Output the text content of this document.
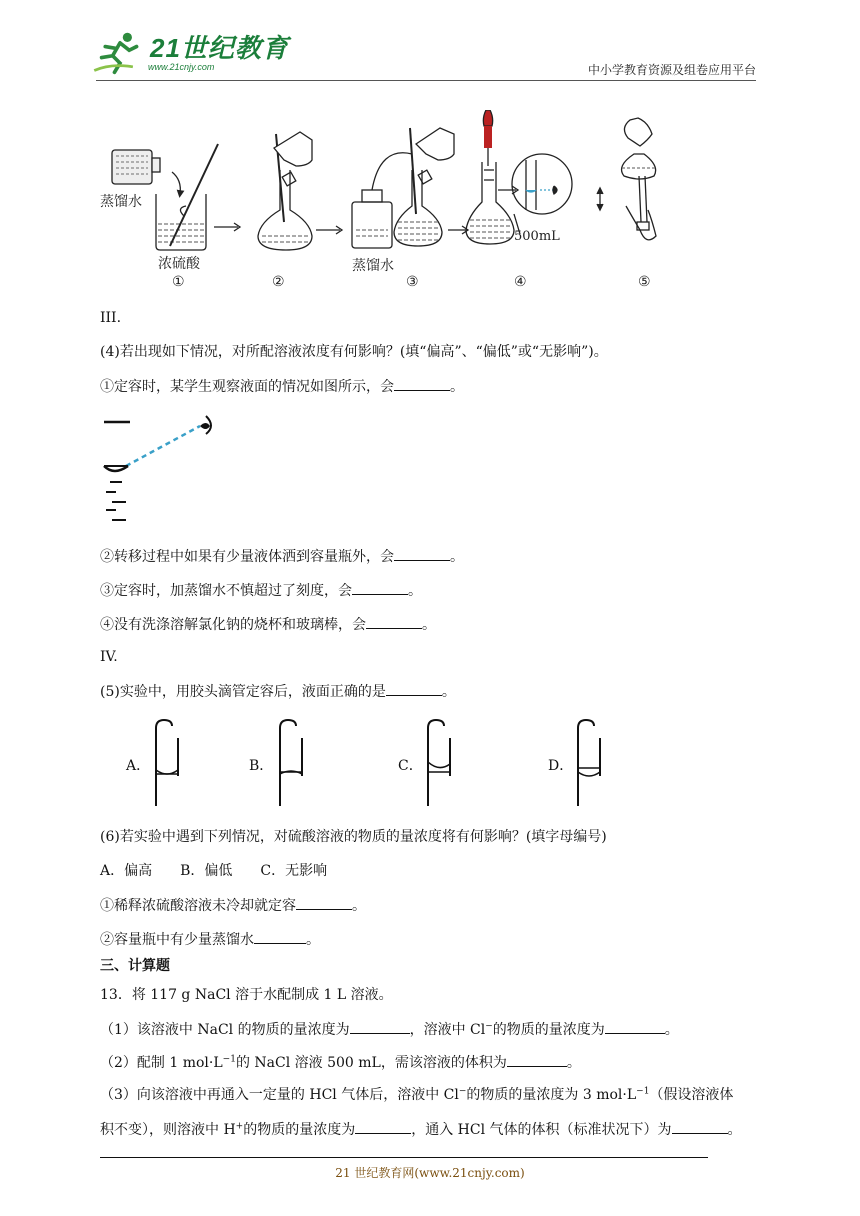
21世纪教育
www.21cnjy.com	中小学教育资源及组卷应用平台
蒸馏水
浓硫酸	蒸馏水
500mL
①	②	③	④	⑤
III.
(4)若出现如下情况，对所配溶液浓度有何影响？(填“偏高”、“偏低”或“无影响”)。
①定容时，某学生观察液面的情况如图所示，会	。
②转移过程中如果有少量液体洒到容量瓶外，会	。
③定容时，加蒸馏水不慎超过了刻度，会	。
④没有洗涤溶解氯化钠的烧杯和玻璃棒，会	。
IV.
(5)实验中，用胶头滴管定容后，液面正确的是	。
A．	B．	C．	D．
(6)若实验中遇到下列情况，对硫酸溶液的物质的量浓度将有何影响？(填字母编号)
A．偏高 B．偏低 C．无影响
①稀释浓硫酸溶液未冷却就定容	。
②容量瓶中有少量蒸馏水	。
三、计算题
13．将 117 g NaCl 溶于水配制成 1 L 溶液。
（1）该溶液中 NaCl 的物质的量浓度为	，溶液中 Cl−的物质的量浓度为	。
（2）配制 1 $mol\cdot L^{-1}$的 NaCl 溶液 500 mL，需该溶液的体积为	。
（3）向该溶液中再通入一定量的 HCl 气体后，溶液中 Cl−的物质的量浓度为 3 $mol\cdot L^{-1}$（假设溶液体
积不变），则溶液中 H+的物质的量浓度为	，通入 HCl 气体的体积（标准状况下）为	。
21 世纪教育网(www.21cnjy.com)
